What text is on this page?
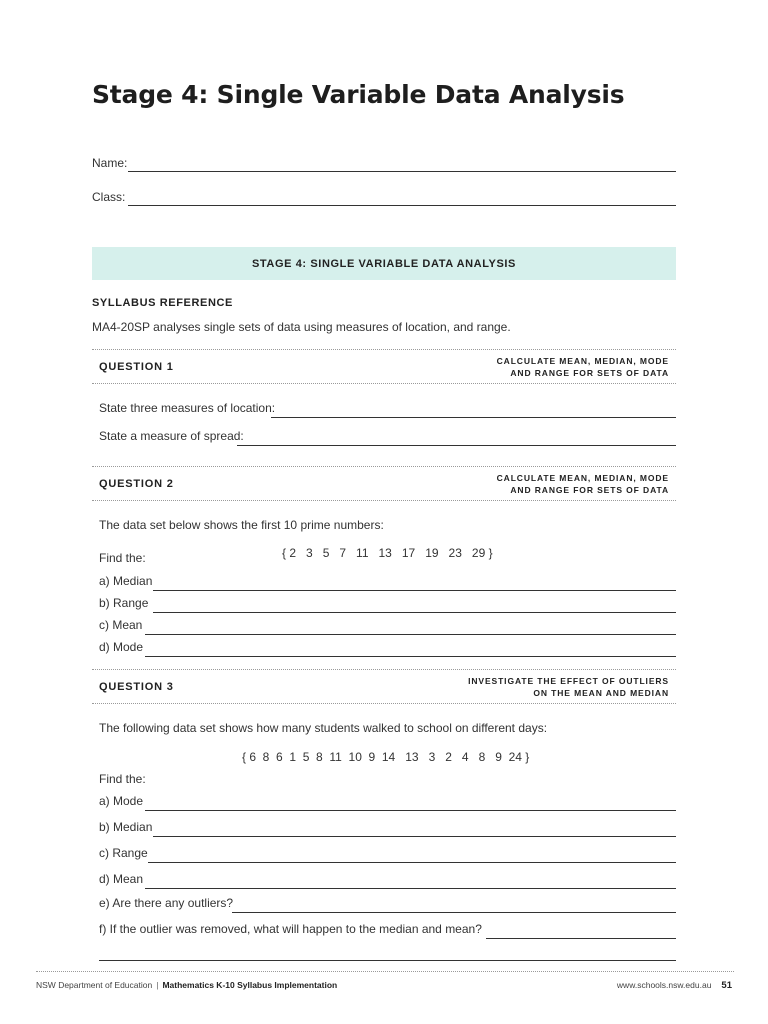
Stage 4: Single Variable Data Analysis
Name:
Class:
STAGE 4: SINGLE VARIABLE DATA ANALYSIS
SYLLABUS REFERENCE
MA4-20SP analyses single sets of data using measures of location, and range.
QUESTION 1	CALCULATE MEAN, MEDIAN, MODE
AND RANGE FOR SETS OF DATA
State three measures of location:
State a measure of spread:
QUESTION 2	CALCULATE MEAN, MEDIAN, MODE
AND RANGE FOR SETS OF DATA
The data set below shows the first 10 prime numbers:
Find the:	{ 2   3   5   7   11   13   17   19   23   29 }
a) Median
b) Range
c) Mean
d) Mode
QUESTION 3	INVESTIGATE THE EFFECT OF OUTLIERS
ON THE MEAN AND MEDIAN
The following data set shows how many students walked to school on different days:
{ 6  8  6  1  5  8  11  10  9  14   13   3   2   4   8   9  24 }
Find the:
a) Mode
b) Median
c) Range
d) Mean
e) Are there any outliers?
f) If the outlier was removed, what will happen to the median and mean?
NSW Department of Education | Mathematics K-10 Syllabus Implementation	www.schools.nsw.edu.au 51
